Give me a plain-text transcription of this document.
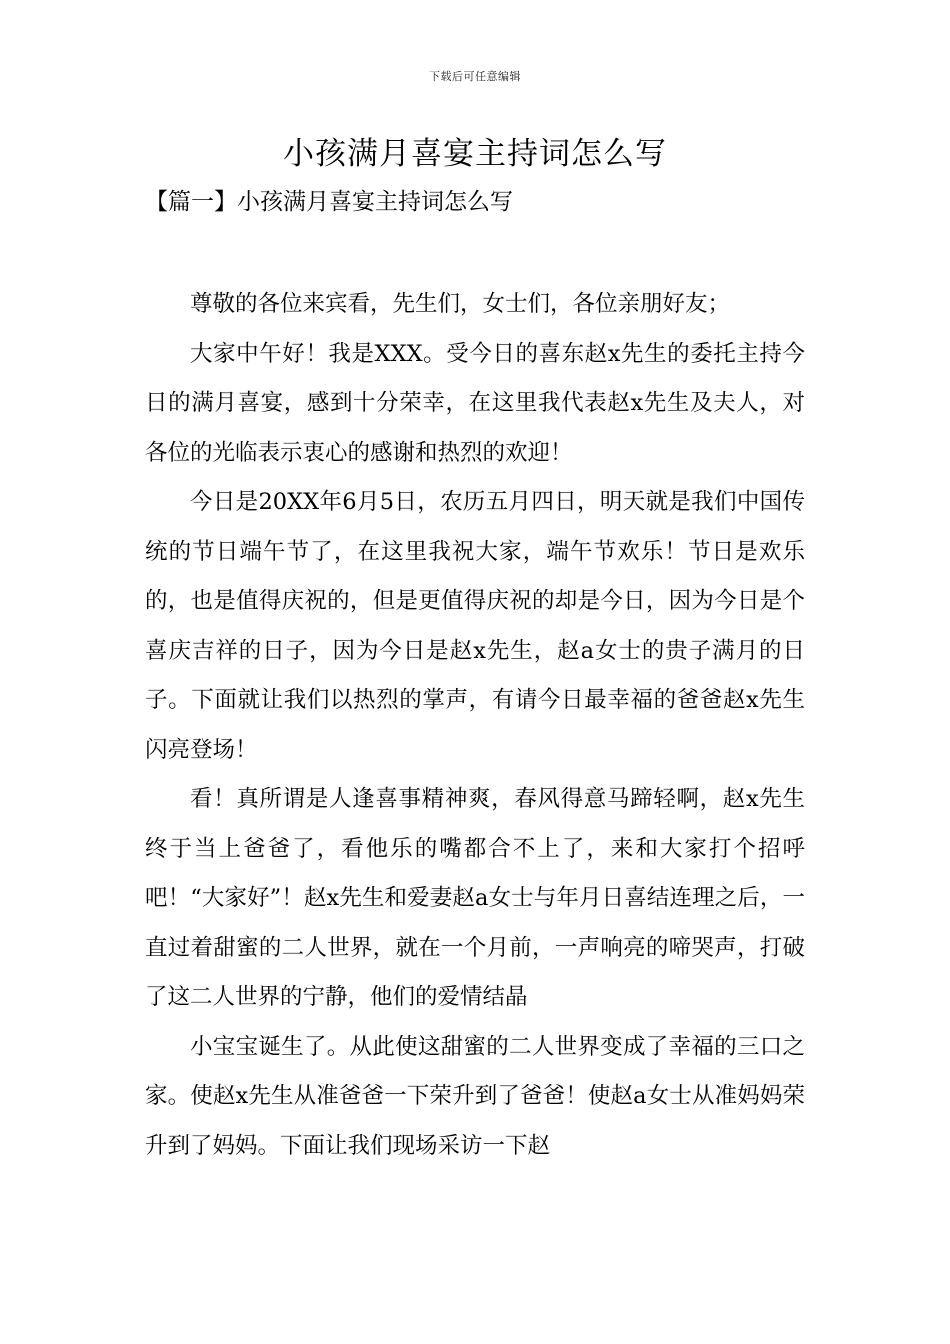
下载后可任意编辑
小孩满月喜宴主持词怎么写
【篇一】小孩满月喜宴主持词怎么写

尊敬的各位来宾看，先生们，女士们，各位亲朋好友；

大家中午好！我是XXX。受今日的喜东赵x先生的委托主持今日的满月喜宴，感到十分荣幸，在这里我代表赵x先生及夫人，对各位的光临表示衷心的感谢和热烈的欢迎！

今日是20XX年6月5日，农历五月四日，明天就是我们中国传统的节日端午节了，在这里我祝大家，端午节欢乐！节日是欢乐的，也是值得庆祝的，但是更值得庆祝的却是今日，因为今日是个喜庆吉祥的日子，因为今日是赵x先生，赵a女士的贵子满月的日子。下面就让我们以热烈的掌声，有请今日最幸福的爸爸赵x先生闪亮登场！

看！真所谓是人逢喜事精神爽，春风得意马蹄轻啊，赵x先生终于当上爸爸了，看他乐的嘴都合不上了，来和大家打个招呼吧！“大家好”！赵x先生和爱妻赵a女士与年月日喜结连理之后，一直过着甜蜜的二人世界，就在一个月前，一声响亮的啼哭声，打破了这二人世界的宁静，他们的爱情结晶

小宝宝诞生了。从此使这甜蜜的二人世界变成了幸福的三口之家。使赵x先生从准爸爸一下荣升到了爸爸！使赵a女士从准妈妈荣升到了妈妈。下面让我们现场采访一下赵
